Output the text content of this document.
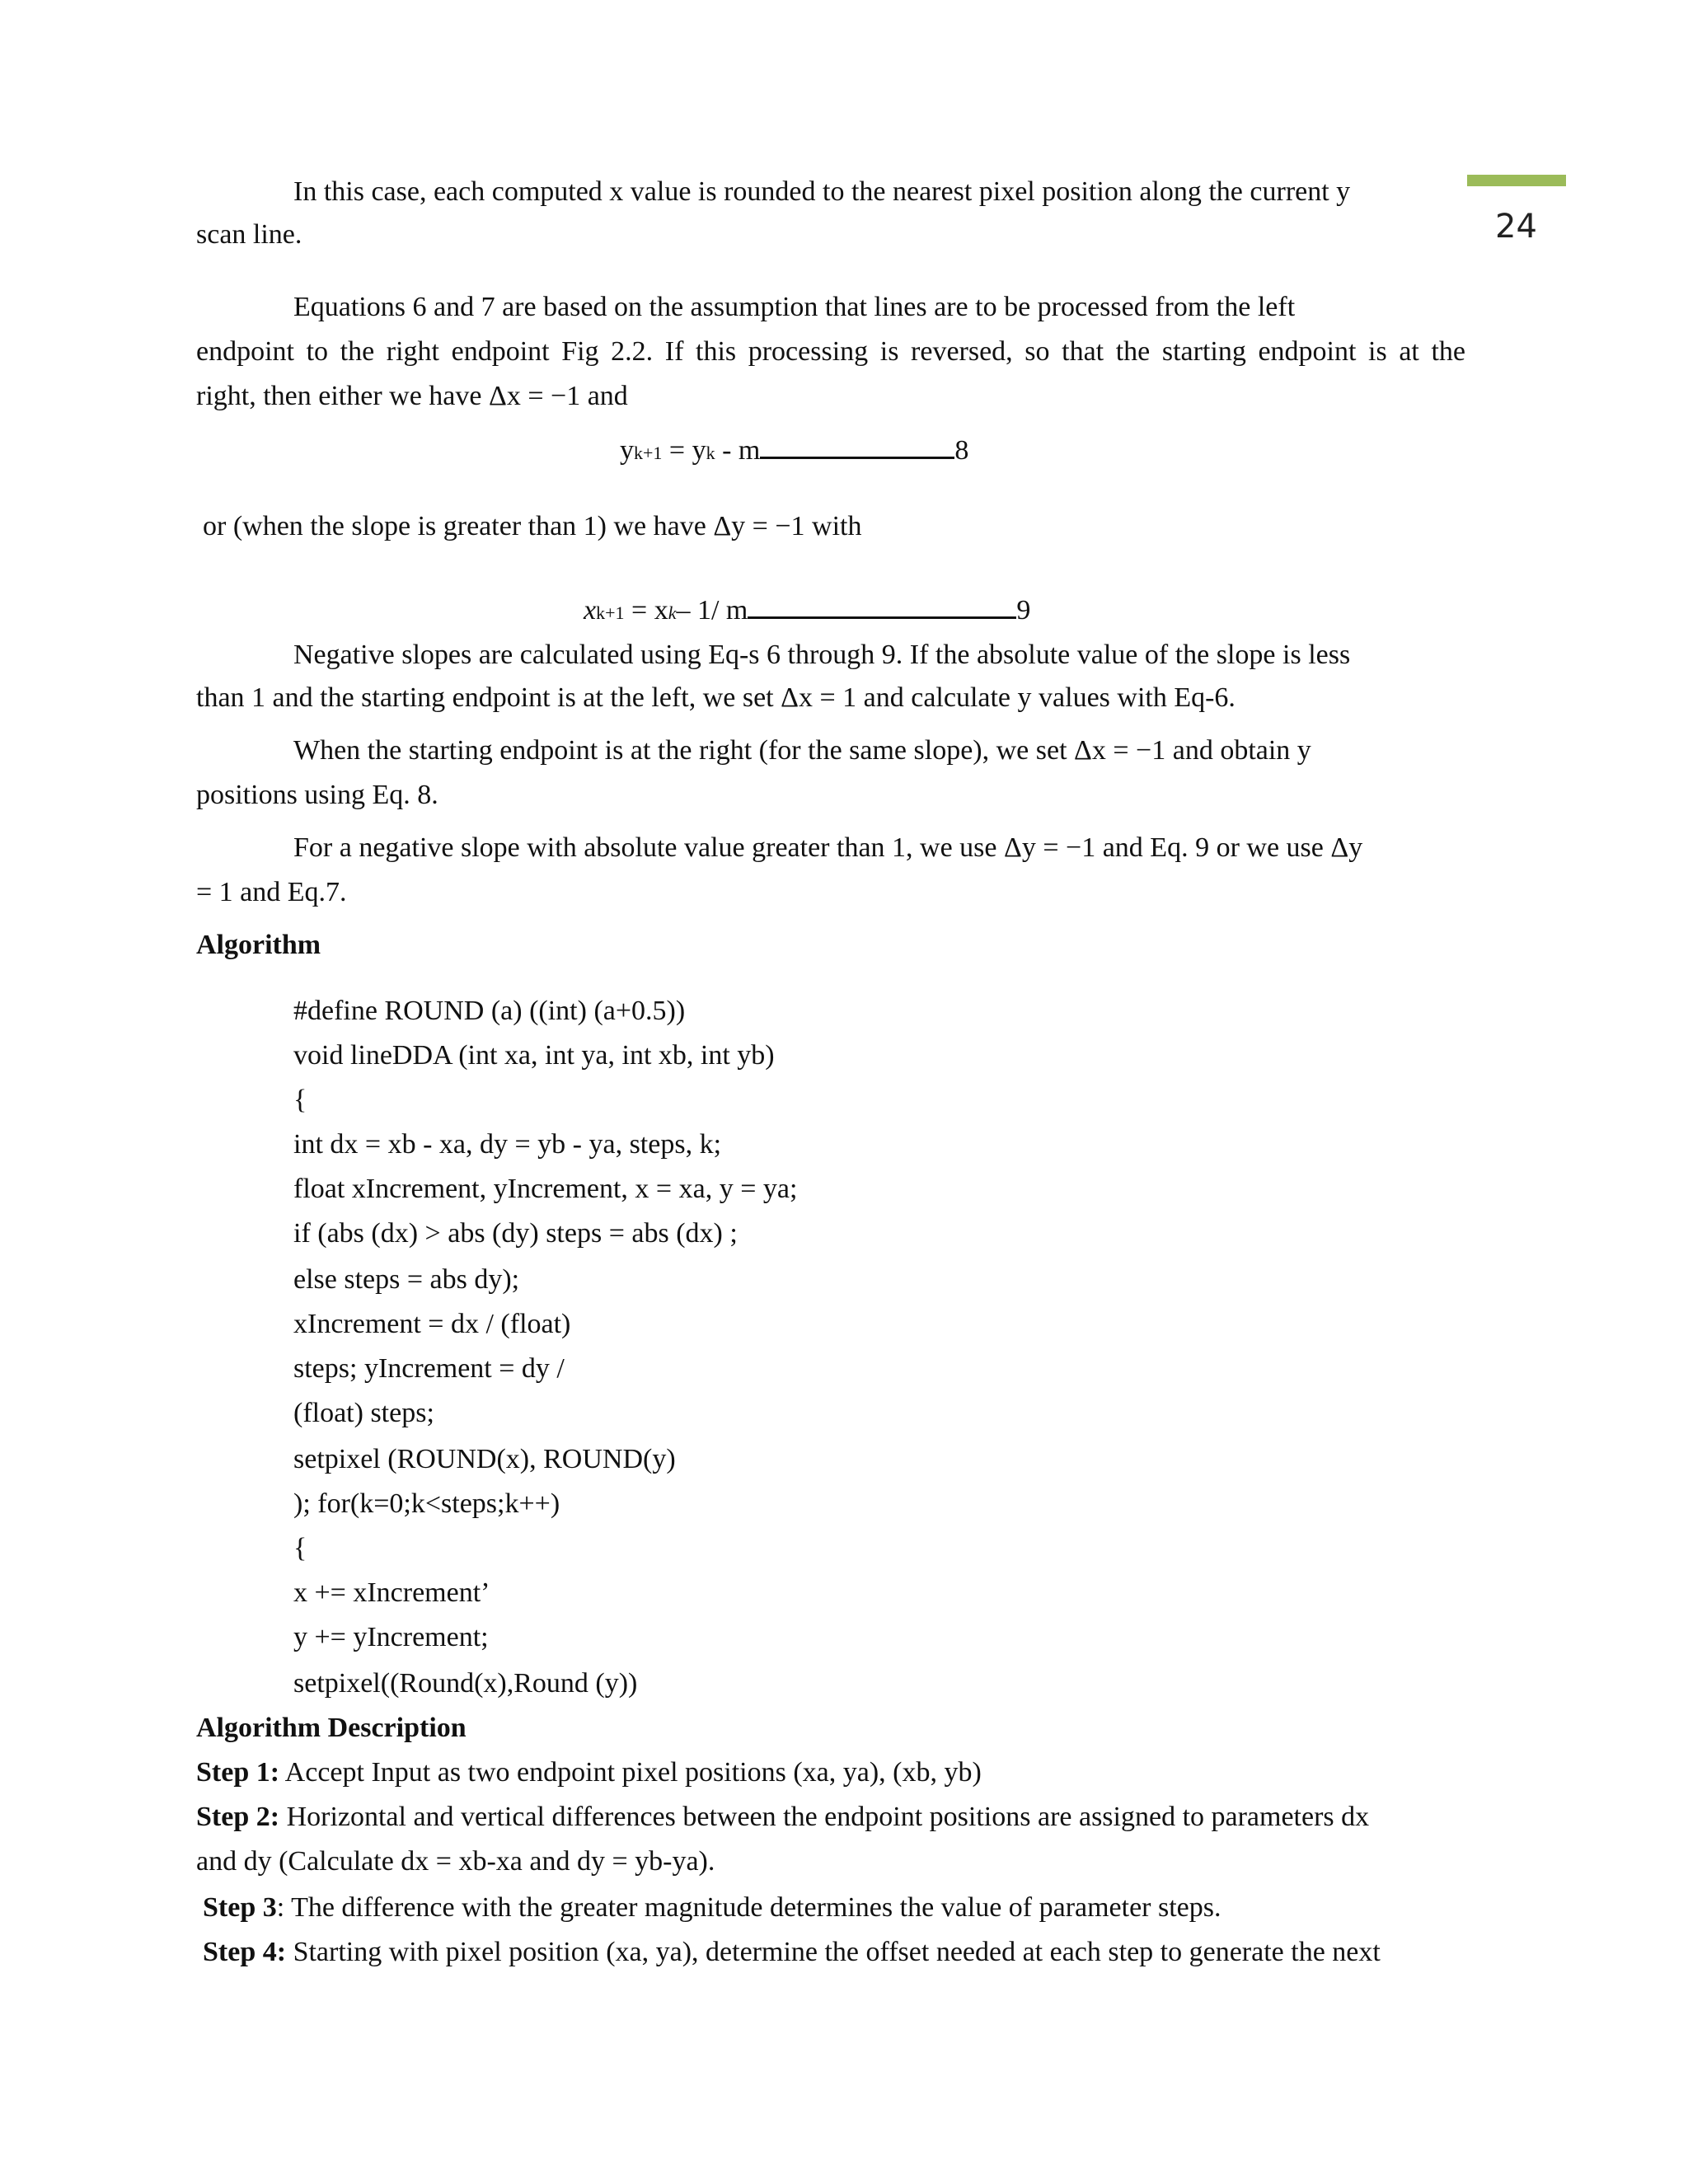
24
In this case, each computed x value is rounded to the nearest pixel position along the current y
scan line.
Equations 6 and 7 are based on the assumption that lines are to be processed from the left
endpoint to the right endpoint Fig 2.2. If this processing is reversed, so that the starting endpoint is at the
right, then either we have Δx = −1 and
yk+1 = yk - m	8
or (when the slope is greater than 1) we have Δy = −1 with
xk+1 = xk– 1/ m	9
Negative slopes are calculated using Eq-s 6 through 9. If the absolute value of the slope is less
than 1 and the starting endpoint is at the left, we set Δx = 1 and calculate y values with Eq-6.
When the starting endpoint is at the right (for the same slope), we set Δx = −1 and obtain y
positions using Eq. 8.
For a negative slope with absolute value greater than 1, we use Δy = −1 and Eq. 9 or we use Δy
= 1 and Eq.7.
Algorithm
#define ROUND (a) ((int) (a+0.5))
void lineDDA (int xa, int ya, int xb, int yb)
{
int dx = xb - xa, dy = yb - ya, steps, k;
float xIncrement, yIncrement, x = xa, y = ya;
if (abs (dx) > abs (dy) steps = abs (dx) ;
else steps = abs dy);
xIncrement = dx / (float)
steps; yIncrement = dy /
(float) steps;
setpixel (ROUND(x), ROUND(y)
); for(k=0;k<steps;k++)
{
x += xIncrement’
y += yIncrement;
setpixel((Round(x),Round (y))
Algorithm Description
Step 1: Accept Input as two endpoint pixel positions (xa, ya), (xb, yb)
Step 2: Horizontal and vertical differences between the endpoint positions are assigned to parameters dx
and dy (Calculate dx = xb-xa and dy = yb-ya).
Step 3: The difference with the greater magnitude determines the value of parameter steps.
Step 4: Starting with pixel position (xa, ya), determine the offset needed at each step to generate the next
